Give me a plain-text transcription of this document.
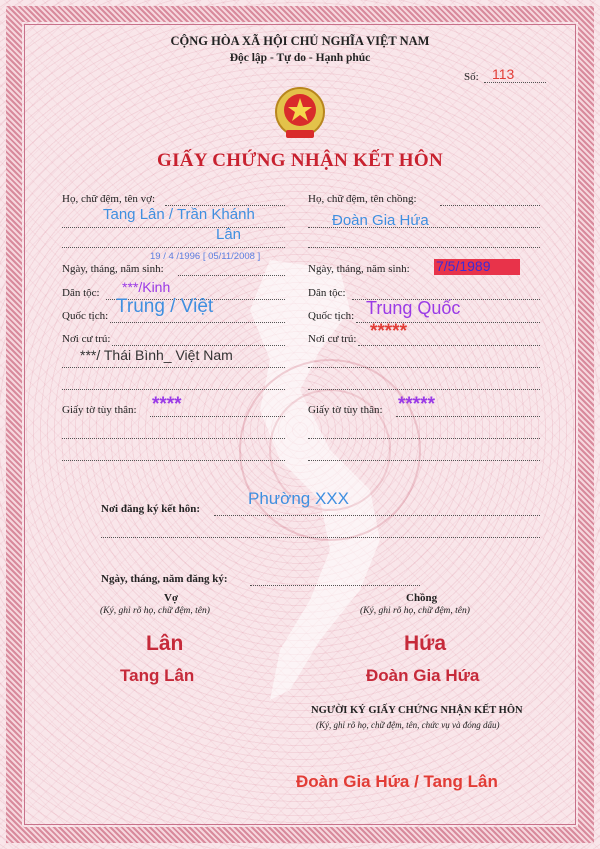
CỘNG HÒA XÃ HỘI CHỦ NGHĨA VIỆT NAM
Độc lập - Tự do - Hạnh phúc
Số: 113
GIẤY CHỨNG NHẬN KẾT HÔN
Họ, chữ đệm, tên vợ:
Tang Lân / Trần Khánh
Lân
19 / 4 /1996 [ 05/11/2008 ]
Ngày, tháng, năm sinh:
Dân tộc: ***/Kinh
Quốc tịch: Trung / Việt
Nơi cư trú:
***/ Thái Bình_ Việt Nam
Giấy tờ tùy thân: ****
Họ, chữ đệm, tên chồng:
Đoàn Gia Hứa
Ngày, tháng, năm sinh: 7/5/1989
Dân tộc:
Quốc tịch: Trung Quốc
Nơi cư trú: *****
Giấy tờ tùy thân: *****
Phường XXX
Nơi đăng ký kết hôn:
Ngày, tháng, năm đăng ký:
Vợ
(Ký, ghi rõ họ, chữ đệm, tên)
Chồng
(Ký, ghi rõ họ, chữ đệm, tên)
Lân
Tang Lân
Hứa
Đoàn Gia Hứa
NGƯỜI KÝ GIẤY CHỨNG NHẬN KẾT HÔN
(Ký, ghi rõ họ, chữ đệm, tên, chức vụ và đóng dấu)
Đoàn Gia Hứa / Tang Lân
